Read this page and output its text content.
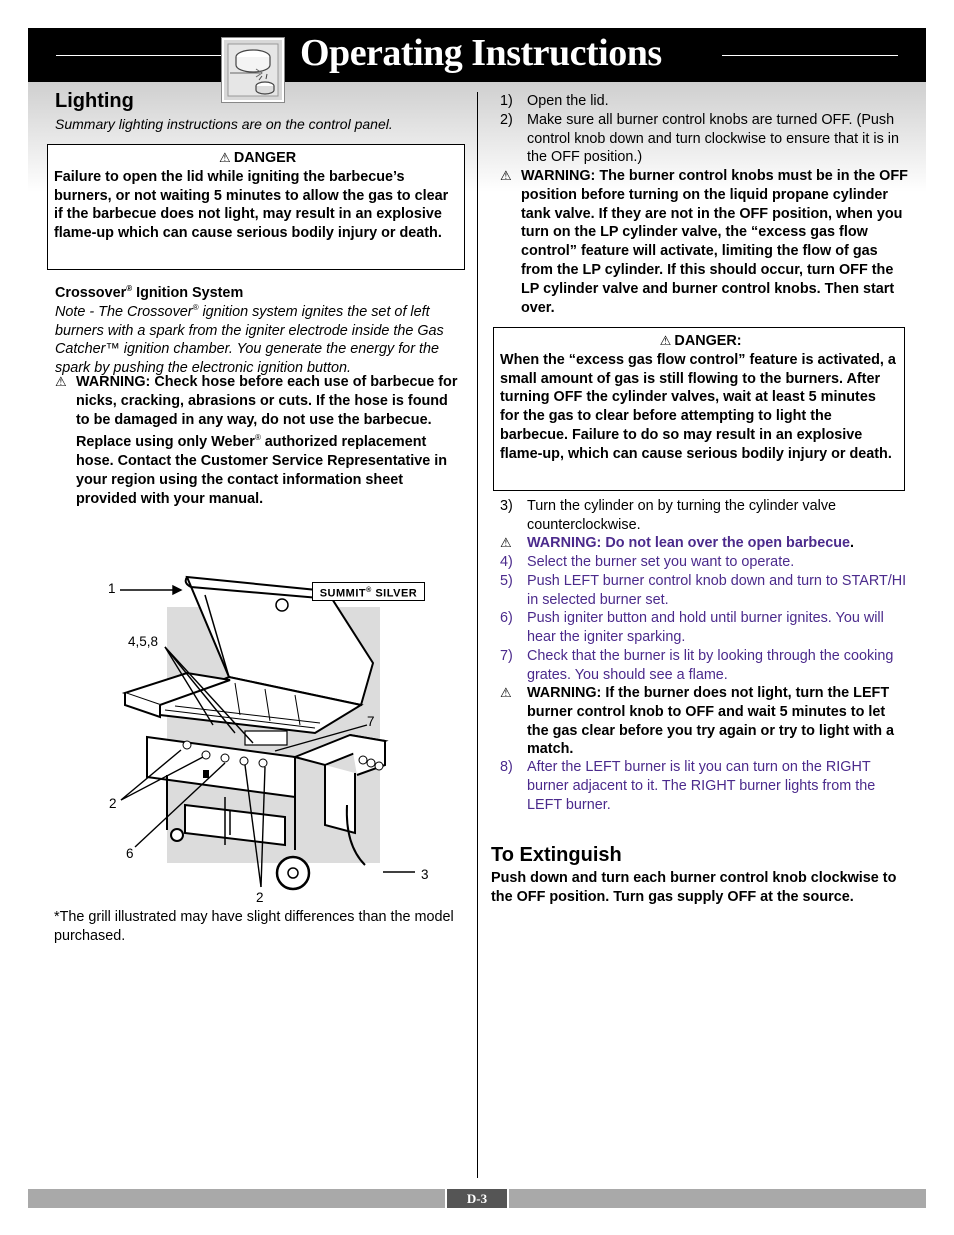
Operating Instructions
Lighting
Summary lighting instructions are on the control panel.
⚠ DANGER
Failure to open the lid while igniting the barbecue’s burners, or not waiting 5 minutes to allow the gas to clear if the barbecue does not light, may result in an explosive flame-up which can cause serious bodily injury or death.
Crossover® Ignition System
Note - The Crossover® ignition system ignites the set of left burners with a spark from the igniter electrode inside the Gas Catcher™ ignition chamber. You generate the energy for the spark by pushing the electronic ignition button.
⚠ WARNING: Check hose before each use of barbecue for nicks, cracking, abrasions or cuts. If the hose is found to be damaged in any way, do not use the barbecue. Replace using only Weber® authorized replacement hose. Contact the Customer Service Representative in your region using the contact information sheet provided with your manual.
SUMMIT® SILVER
1
4,5,8
7
2
6
2
3
*The grill illustrated may have slight differences than the model purchased.
1) Open the lid.
2) Make sure all burner control knobs are turned OFF. (Push control knob down and turn clockwise to ensure that it is in the OFF position.)
⚠ WARNING: The burner control knobs must be in the OFF position before turning on the liquid propane cylinder tank valve. If they are not in the OFF position, when you turn on the LP cylinder valve, the “excess gas flow control” feature will activate, limiting the flow of gas from the LP cylinder. If this should occur, turn OFF the LP cylinder valve and burner control knobs. Then start over.
⚠ DANGER:
When the “excess gas flow control” feature is activated, a small amount of gas is still flowing to the burners. After turning OFF the cylinder valves, wait at least 5 minutes for the gas to clear before attempting to light the barbecue. Failure to do so may result in an explosive flame-up, which can cause serious bodily injury or death.
3) Turn the cylinder on by turning the cylinder valve counterclockwise.
⚠ WARNING: Do not lean over the open barbecue.
4) Select the burner set you want to operate.
5) Push LEFT burner control knob down and turn to START/HI in selected burner set.
6) Push igniter button and hold until burner ignites. You will hear the igniter sparking.
7) Check that the burner is lit by looking through the cooking grates. You should see a flame.
⚠ WARNING: If the burner does not light, turn the LEFT burner control knob to OFF and wait 5 minutes to let the gas clear before you try again or try to light with a match.
8) After the LEFT burner is lit you can turn on the RIGHT burner adjacent to it. The RIGHT burner lights from the LEFT burner.
To Extinguish
Push down and turn each burner control knob clockwise to the OFF position. Turn gas supply OFF at the source.
D-3
